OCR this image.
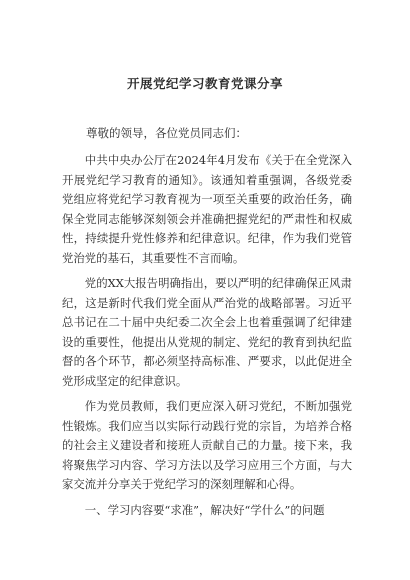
开展党纪学习教育党课分享

尊敬的领导，各位党员同志们：

中共中央办公厅在2024年4月发布《关于在全党深入开展党纪学习教育的通知》。该通知着重强调，各级党委党组应将党纪学习教育视为一项至关重要的政治任务，确保全党同志能够深刻领会并准确把握党纪的严肃性和权威性，持续提升党性修养和纪律意识。纪律，作为我们党管党治党的基石，其重要性不言而喻。

党的XX大报告明确指出，要以严明的纪律确保正风肃纪，这是新时代我们党全面从严治党的战略部署。习近平总书记在二十届中央纪委二次全会上也着重强调了纪律建设的重要性，他提出从党规的制定、党纪的教育到执纪监督的各个环节，都必须坚持高标准、严要求，以此促进全党形成坚定的纪律意识。

作为党员教师，我们更应深入研习党纪，不断加强党性锻炼。我们应当以实际行动践行党的宗旨，为培养合格的社会主义建设者和接班人贡献自己的力量。接下来，我将聚焦学习内容、学习方法以及学习应用三个方面，与大家交流并分享关于党纪学习的深刻理解和心得。

一、学习内容要“求准”，解决好“学什么”的问题
